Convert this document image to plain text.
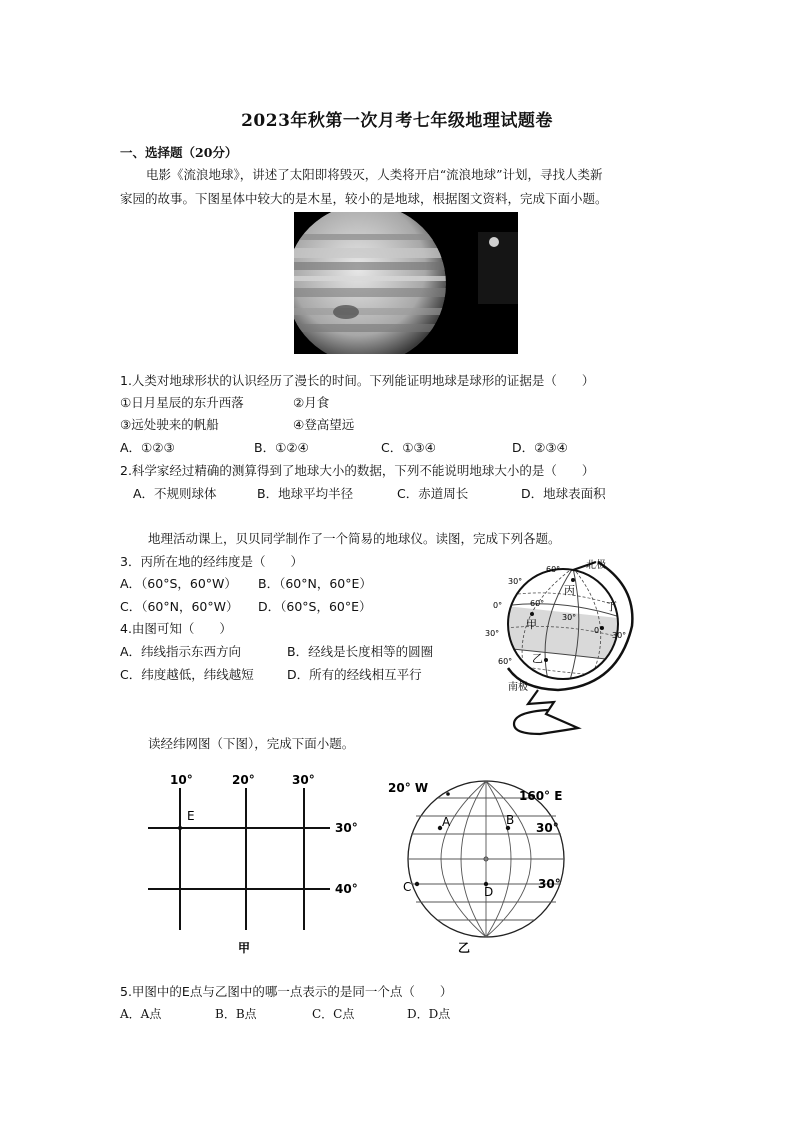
2023年秋第一次月考七年级地理试题卷
一、选择题（20分）
电影《流浪地球》，讲述了太阳即将毁灭，人类将开启“流浪地球”计划，寻找人类新
家园的故事。下图星体中较大的是木星，较小的是地球，根据图文资料，完成下面小题。
1.人类对地球形状的认识经历了漫长的时间。下列能证明地球是球形的证据是（　　）
①日月星辰的东升西落	②月食
③远处驶来的帆船	④登高望远
A．①②③	B．①②④	C．①③④	D．②③④
2.科学家经过精确的测算得到了地球大小的数据，下列不能说明地球大小的是（　　）
A．不规则球体	B．地球平均半径	C．赤道周长	D．地球表面积
地理活动课上，贝贝同学制作了一个简易的地球仪。读图，完成下列各题。
3．丙所在地的经纬度是（　　）
A．（60°S，60°W） B．（60°N，60°E）
C．（60°N，60°W） D．（60°S，60°E）
4.由图可知（　　）
A．纬线指示东西方向	B．经线是长度相等的圆圈
C．纬度越低，纬线越短	D．所有的经线相互平行
北极
南极
丙
丁
甲
乙
60°
30°
0°
30°
60°
60°
30°
0°
30°
读经纬网图（下图），完成下面小题。
10°	20°	30°
30°
40°
E
甲
20° W
160° E
30°
30°
A	B
C	D
乙
5.甲图中的E点与乙图中的哪一点表示的是同一个点（　　）
A．A点	B．B点	C．C点	D．D点
